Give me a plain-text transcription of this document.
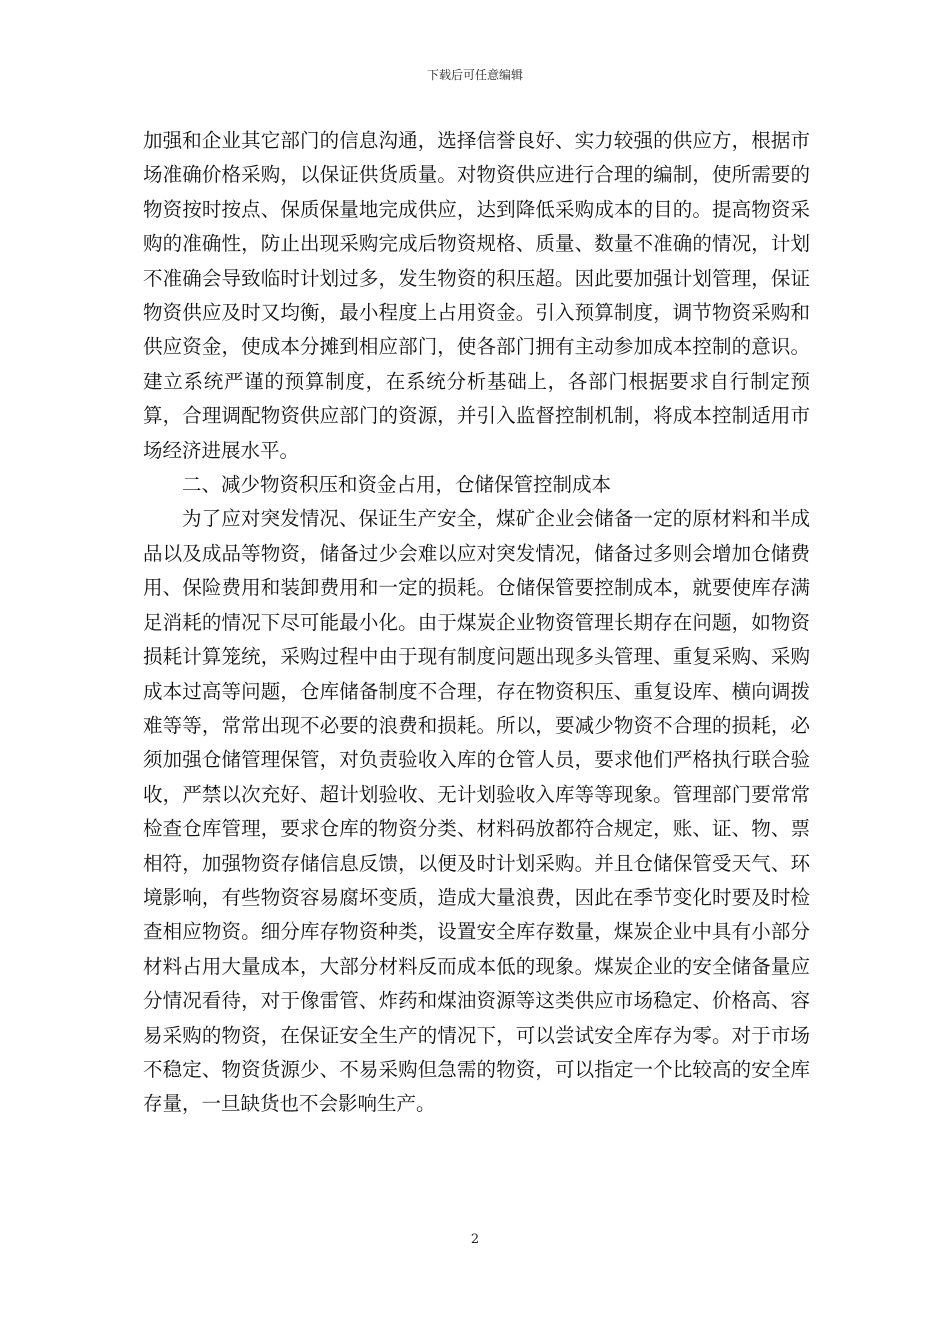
下载后可任意编辑

加强和企业其它部门的信息沟通，选择信誉良好、实力较强的供应方，根据市场准确价格采购，以保证供货质量。对物资供应进行合理的编制，使所需要的物资按时按点、保质保量地完成供应，达到降低采购成本的目的。提高物资采购的准确性，防止出现采购完成后物资规格、质量、数量不准确的情况，计划不准确会导致临时计划过多，发生物资的积压超。因此要加强计划管理，保证物资供应及时又均衡，最小程度上占用资金。引入预算制度，调节物资采购和供应资金，使成本分摊到相应部门，使各部门拥有主动参加成本控制的意识。建立系统严谨的预算制度，在系统分析基础上，各部门根据要求自行制定预算，合理调配物资供应部门的资源，并引入监督控制机制，将成本控制适用市场经济进展水平。

二、减少物资积压和资金占用，仓储保管控制成本

为了应对突发情况、保证生产安全，煤矿企业会储备一定的原材料和半成品以及成品等物资，储备过少会难以应对突发情况，储备过多则会增加仓储费用、保险费用和装卸费用和一定的损耗。仓储保管要控制成本，就要使库存满足消耗的情况下尽可能最小化。由于煤炭企业物资管理长期存在问题，如物资损耗计算笼统，采购过程中由于现有制度问题出现多头管理、重复采购、采购成本过高等问题，仓库储备制度不合理，存在物资积压、重复设库、横向调拨难等等，常常出现不必要的浪费和损耗。所以，要减少物资不合理的损耗，必须加强仓储管理保管，对负责验收入库的仓管人员，要求他们严格执行联合验收，严禁以次充好、超计划验收、无计划验收入库等等现象。管理部门要常常检查仓库管理，要求仓库的物资分类、材料码放都符合规定，账、证、物、票相符，加强物资存储信息反馈，以便及时计划采购。并且仓储保管受天气、环境影响，有些物资容易腐坏变质，造成大量浪费，因此在季节变化时要及时检查相应物资。细分库存物资种类，设置安全库存数量，煤炭企业中具有小部分材料占用大量成本，大部分材料反而成本低的现象。煤炭企业的安全储备量应分情况看待，对于像雷管、炸药和煤油资源等这类供应市场稳定、价格高、容易采购的物资，在保证安全生产的情况下，可以尝试安全库存为零。对于市场不稳定、物资货源少、不易采购但急需的物资，可以指定一个比较高的安全库存量，一旦缺货也不会影响生产。

2
